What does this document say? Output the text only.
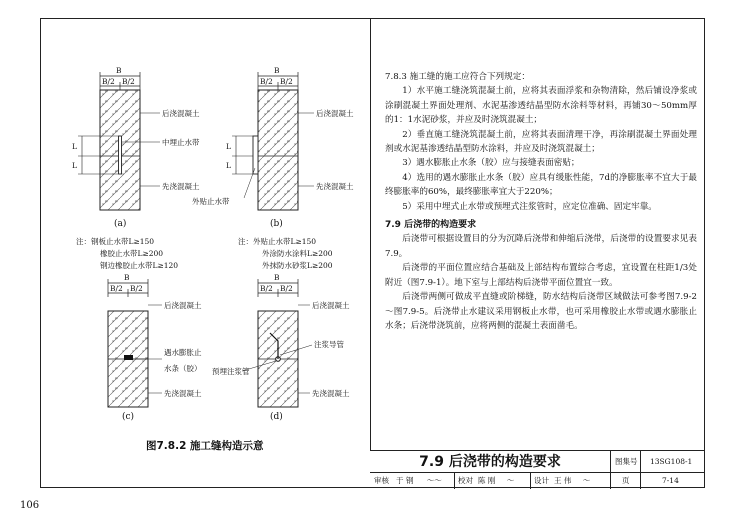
B
B/2 B/2
L
L
后浇混凝土
中埋止水带
先浇混凝土
(a)
注：钢板止水带L≥150
橡胶止水带L≥200
钢边橡胶止水带L≥120
B
B/2 B/2
L
L
后浇混凝土
先浇混凝土
外贴止水带
(b)
注：外贴止水带L≥150
外涂防水涂料L≥200
外抹防水砂浆L≥200
B
B/2 B/2
后浇混凝土
遇水膨胀止
水条（胶）
先浇混凝土
(c)
B
B/2 B/2
后浇混凝土
注浆导管
预埋注浆管
先浇混凝土
(d)
图7.8.2 施工缝构造示意

7.8.3 施工缝的施工应符合下列规定：

1）水平施工缝浇筑混凝土前，应将其表面浮浆和杂物清除，然后铺设净浆或涂刷混凝土界面处理剂、水泥基渗透结晶型防水涂料等材料，再铺30～50mm厚的1：1水泥砂浆，并应及时浇筑混凝土；

2）垂直施工缝浇筑混凝土前，应将其表面清理干净，再涂刷混凝土界面处理剂或水泥基渗透结晶型防水涂料，并应及时浇筑混凝土；

3）遇水膨胀止水条（胶）应与接缝表面密贴；

4）选用的遇水膨胀止水条（胶）应具有缓胀性能，7d的净膨胀率不宜大于最终膨胀率的60%，最终膨胀率宜大于220%；

5）采用中埋式止水带或预埋式注浆管时，应定位准确、固定牢靠。

7.9 后浇带的构造要求

后浇带可根据设置目的分为沉降后浇带和伸缩后浇带，后浇带的设置要求见表7.9。

后浇带的平面位置应结合基础及上部结构布置综合考虑，宜设置在柱距1/3处附近（图7.9-1）。地下室与上部结构后浇带平面位置宜一致。

后浇带两侧可做成平直缝或阶梯缝，防水结构后浇带区域做法可参考图7.9-2～图7.9-5。后浇带止水建议采用钢板止水带，也可采用橡胶止水带或遇水膨胀止水条；后浇带浇筑前，应将两侧的混凝土表面凿毛。

7.9 后浇带的构造要求	图集号 13SG108-1
审核 于 钢 〜〜 校对 陈 刚 〜	设计 王 伟 〜	页	7-14
106
